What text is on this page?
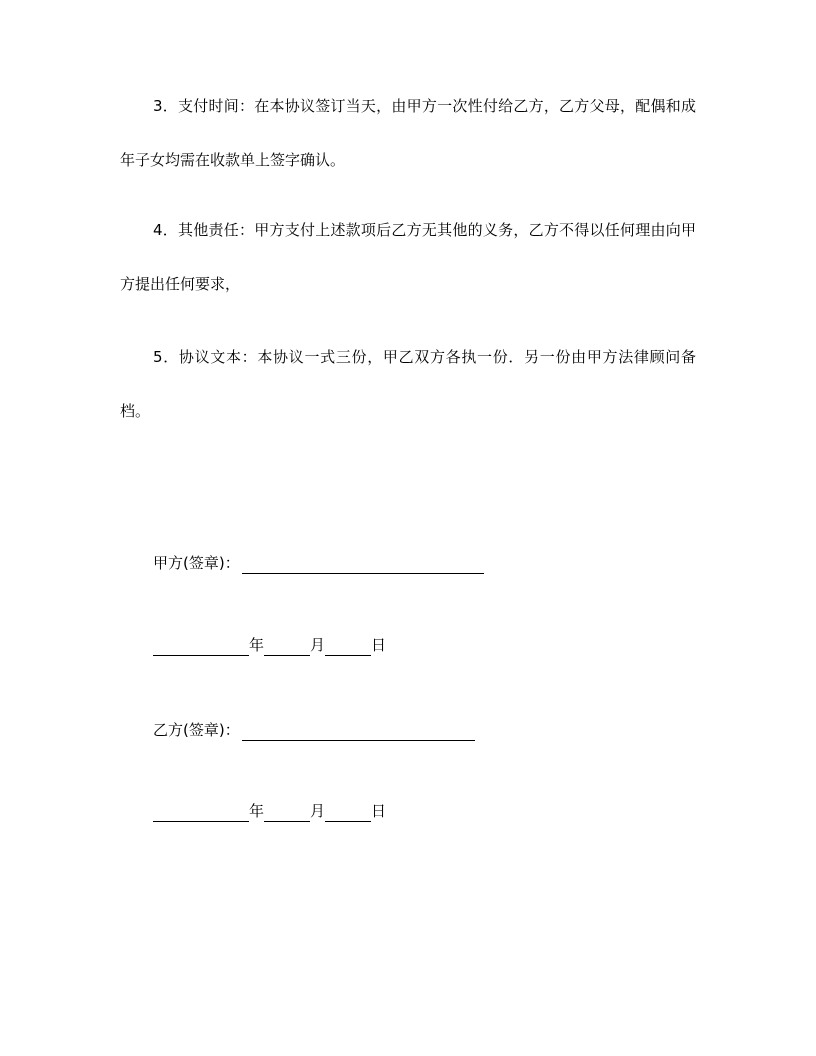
3．支付时间：在本协议签订当天，由甲方一次性付给乙方，乙方父母，配偶和成年子女均需在收款单上签字确认。

4．其他责任：甲方支付上述款项后乙方无其他的义务，乙方不得以任何理由向甲方提出任何要求，

5．协议文本：本协议一式三份，甲乙双方各执一份．另一份由甲方法律顾问备档。

甲方(签章)：
年	月	日
乙方(签章)：
年	月	日
